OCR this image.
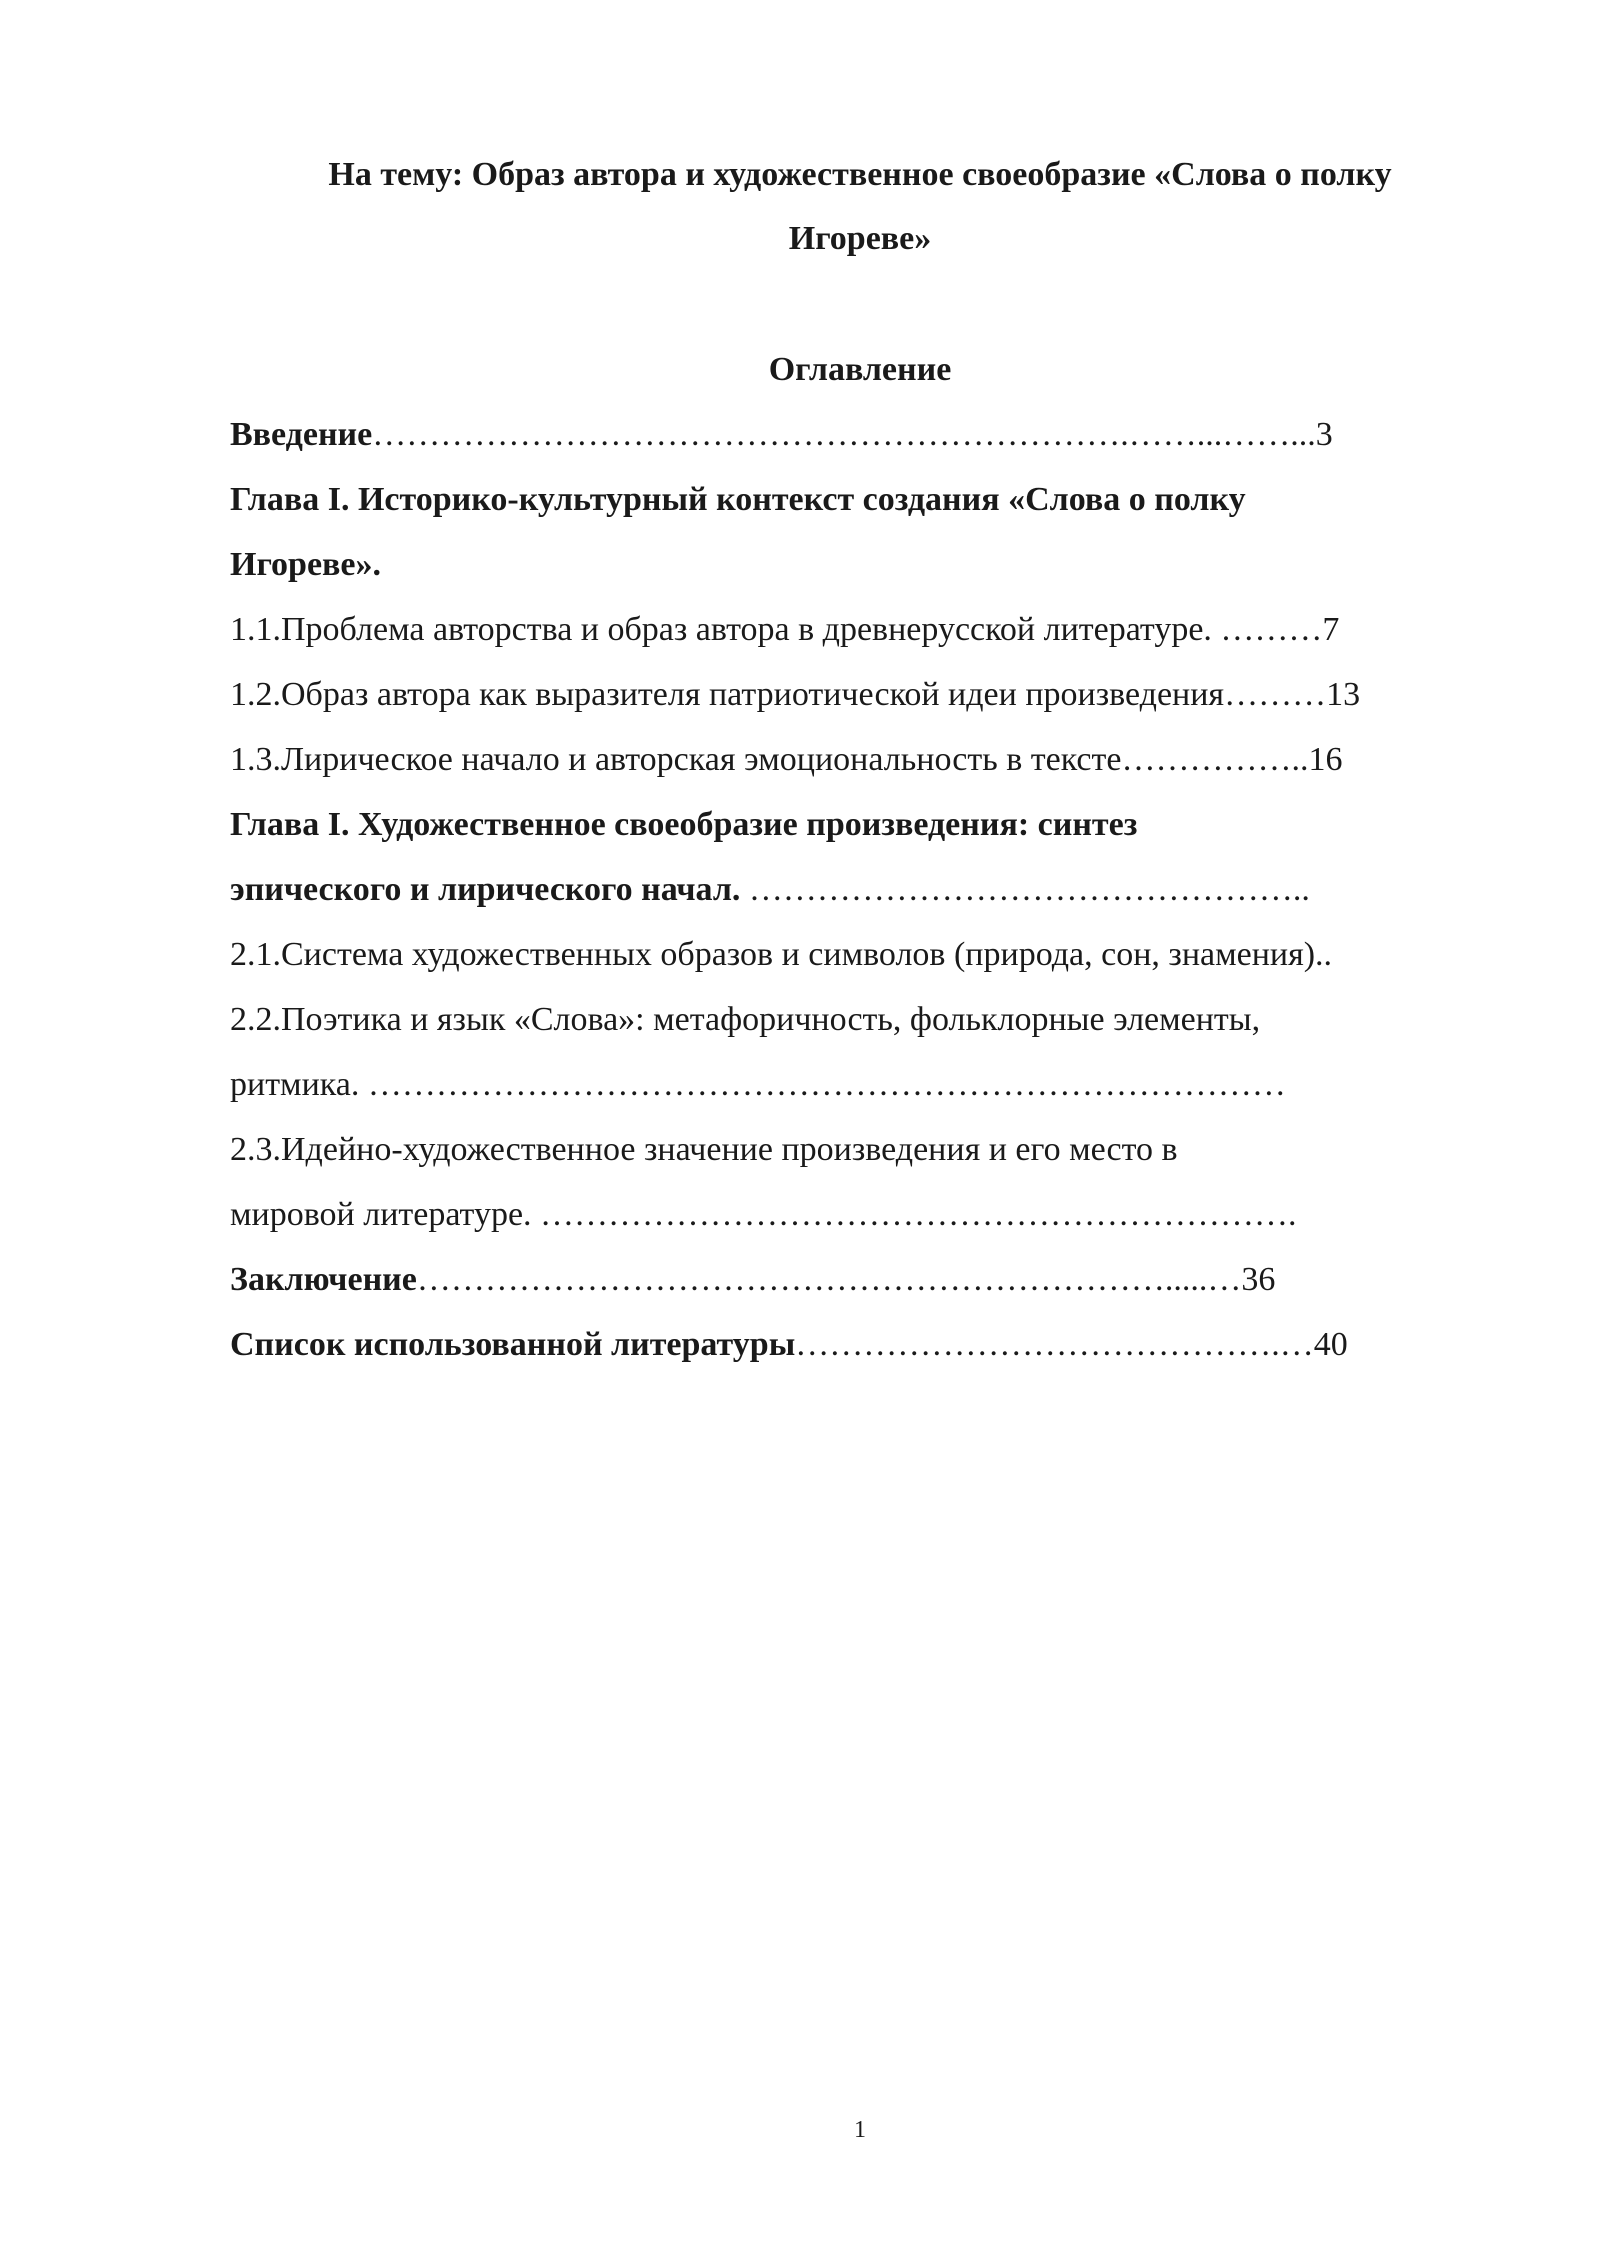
На тему: Образ автора и художественное своеобразие «Слова о полку
Игореве»
Оглавление
Введение………………………………………………………….……...……...3
Глава I. Историко-культурный контекст создания «Слова о полку
Игореве».
1.1.Проблема авторства и образ автора в древнерусской литературе. ………7
1.2.Образ автора как выразителя патриотической идеи произведения………13
1.3.Лирическое начало и авторская эмоциональность в тексте……………..16
Глава I. Художественное своеобразие произведения: синтез
эпического и лирического начал. …………………………………………..
2.1.Система художественных образов и символов (природа, сон, знамения)..
2.2.Поэтика и язык «Слова»: метафоричность, фольклорные элементы,
ритмика. ………………………………………………………………………
2.3.Идейно-художественное значение произведения и его место в
мировой литературе. ………………………………………………………….
Заключение………………………………………………………….....…36
Список использованной литературы…………………………………….…40
1
